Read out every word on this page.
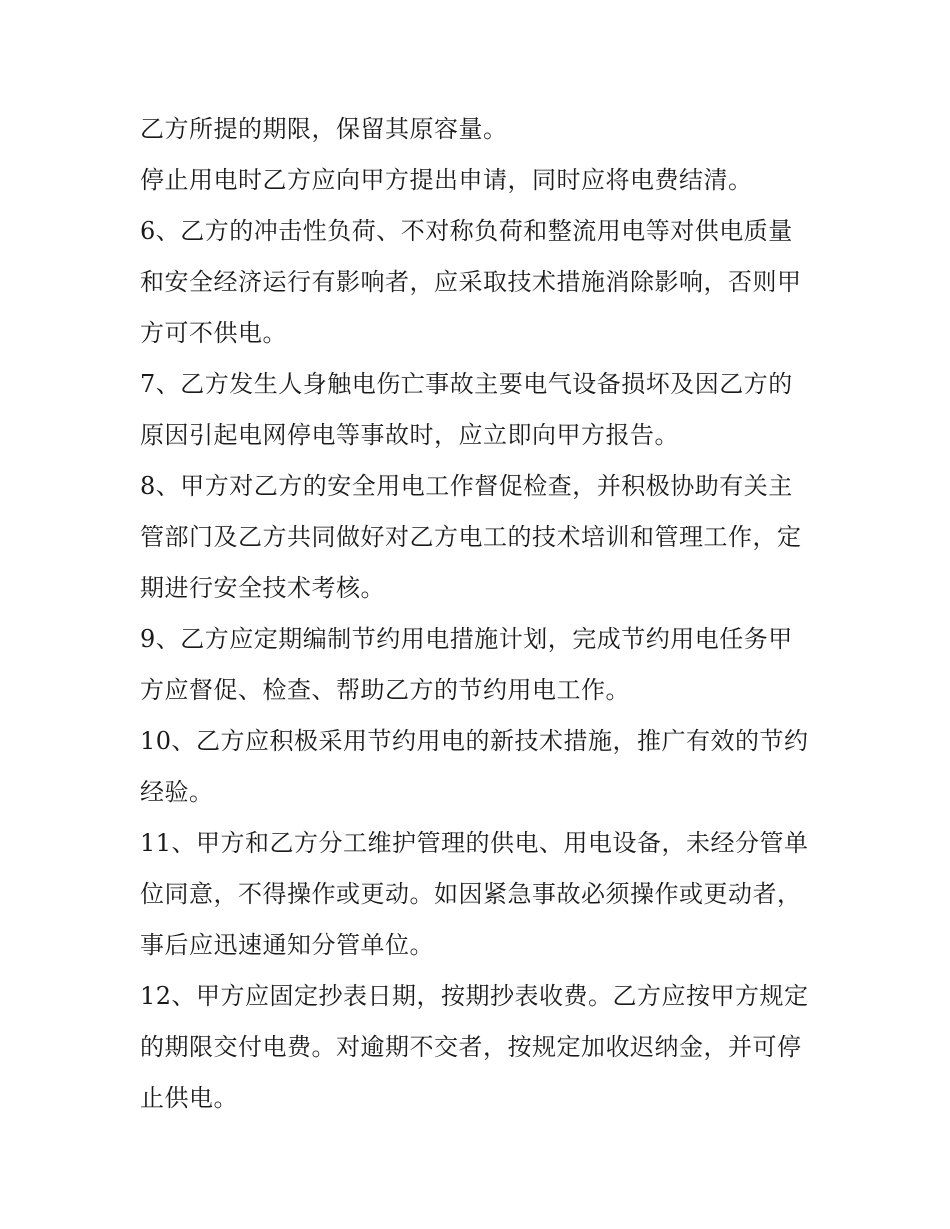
乙方所提的期限，保留其原容量。

停止用电时乙方应向甲方提出申请，同时应将电费结清。

6、乙方的冲击性负荷、不对称负荷和整流用电等对供电质量和安全经济运行有影响者，应采取技术措施消除影响，否则甲方可不供电。

7、乙方发生人身触电伤亡事故主要电气设备损坏及因乙方的原因引起电网停电等事故时，应立即向甲方报告。

8、甲方对乙方的安全用电工作督促检查，并积极协助有关主管部门及乙方共同做好对乙方电工的技术培训和管理工作，定期进行安全技术考核。

9、乙方应定期编制节约用电措施计划，完成节约用电任务甲方应督促、检查、帮助乙方的节约用电工作。

10、乙方应积极采用节约用电的新技术措施，推广有效的节约经验。

11、甲方和乙方分工维护管理的供电、用电设备，未经分管单位同意，不得操作或更动。如因紧急事故必须操作或更动者，事后应迅速通知分管单位。

12、甲方应固定抄表日期，按期抄表收费。乙方应按甲方规定的期限交付电费。对逾期不交者，按规定加收迟纳金，并可停止供电。
